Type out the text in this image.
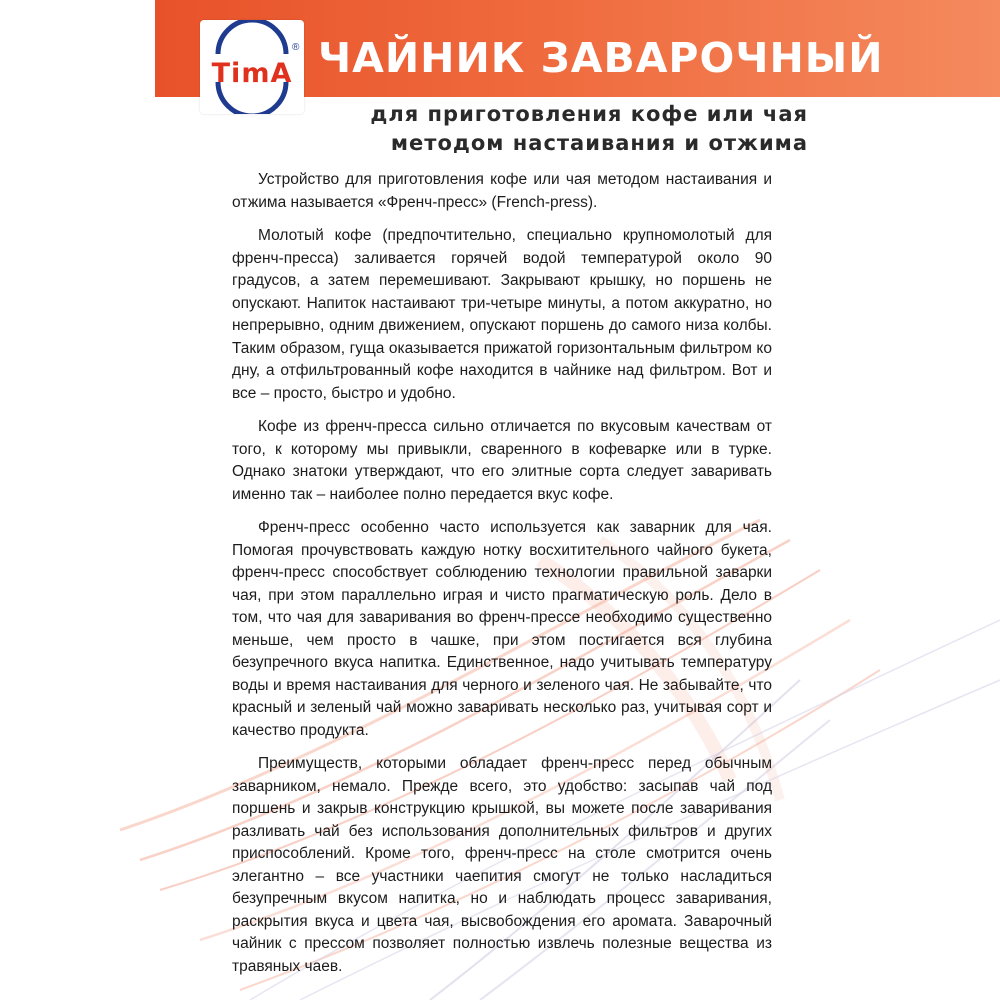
TimA
® ЧАЙНИК ЗАВАРОЧНЫЙ
для приготовления кофе или чая
методом настаивания и отжима

Устройство для приготовления кофе или чая методом настаивания и отжима называется «Френч-пресс» (French-press).

Молотый кофе (предпочтительно, специально крупномолотый для френч-пресса) заливается горячей водой температурой около 90 градусов, а затем перемешивают. Закрывают крышку, но поршень не опускают. Напиток настаивают три-четыре минуты, а потом аккуратно, но непрерывно, одним движением, опускают поршень до самого низа колбы. Таким образом, гуща оказывается прижатой горизонтальным фильтром ко дну, а отфильтрованный кофе находится в чайнике над фильтром. Вот и все – просто, быстро и удобно.

Кофе из френч-пресса сильно отличается по вкусовым качествам от того, к которому мы привыкли, сваренного в кофеварке или в турке. Однако знатоки утверждают, что его элитные сорта следует заваривать именно так – наиболее полно передается вкус кофе.

Френч-пресс особенно часто используется как заварник для чая. Помогая прочувствовать каждую нотку восхитительного чайного букета, френч-пресс способствует соблюдению технологии правильной заварки чая, при этом параллельно играя и чисто прагматическую роль. Дело в том, что чая для заваривания во френч-прессе необходимо существенно меньше, чем просто в чашке, при этом постигается вся глубина безупречного вкуса напитка. Единственное, надо учитывать температуру воды и время настаивания для черного и зеленого чая. Не забывайте, что красный и зеленый чай можно заваривать несколько раз, учитывая сорт и качество продукта.

Преимуществ, которыми обладает френч-пресс перед обычным заварником, немало. Прежде всего, это удобство: засыпав чай под поршень и закрыв конструкцию крышкой, вы можете после заваривания разливать чай без использования дополнительных фильтров и других приспособлений. Кроме того, френч-пресс на столе смотрится очень элегантно – все участники чаепития смогут не только насладиться безупречным вкусом напитка, но и наблюдать процесс заваривания, раскрытия вкуса и цвета чая, высвобождения его аромата. Заварочный чайник с прессом позволяет полностью извлечь полезные вещества из травяных чаев.
